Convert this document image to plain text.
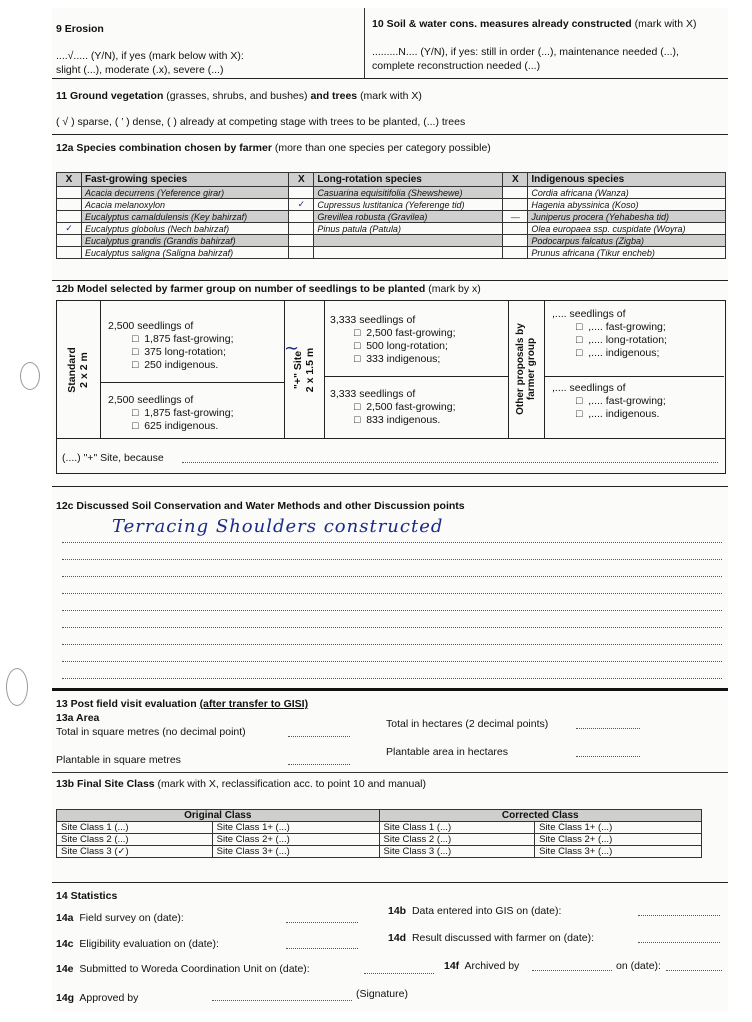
9 Erosion
....√..... (Y/N), if yes (mark below with X):
slight (...), moderate (.x), severe (...)
10 Soil & water cons. measures already constructed (mark with X)
.........N.... (Y/N), if yes: still in order (...), maintenance needed (...),
complete reconstruction needed (...)
11 Ground vegetation (grasses, shrubs, and bushes) and trees (mark with X)
( √ ) sparse, ( ’ ) dense, ( ) already at competing stage with trees to be planted, (...) trees
12a Species combination chosen by farmer (more than one species per category possible)
X	Fast-growing species	X	Long-rotation species	X	Indigenous species
	Acacia decurrens (Yeference girar)		Casuarina equisitifolia (Shewshewe)		Cordia africana (Wanza)
	Acacia melanoxylon	✓	Cupressus lustitanica (Yeferenge tid)		Hagenia abyssinica (Koso)
	Eucalyptus camaldulensis (Key bahirzaf)		Grevillea robusta (Gravilea)	—	Juniperus procera (Yehabesha tid)
✓	Eucalyptus globolus (Nech bahirzaf)		Pinus patula (Patula)		Olea europaea ssp. cuspidate (Woyra)
	Eucalyptus grandis (Grandis bahirzaf)				Podocarpus falcatus (Zigba)
	Eucalyptus saligna (Saligna bahirzaf)				Prunus africana (Tikur encheb)
12b Model selected by farmer group on number of seedlings to be planted (mark by x)
Standard 2 x 2 m	"+" Site 2 x 1.5 m	Other proposals by farmer group
2,500 seedlings of
□   1,875 fast-growing;
□   375 long-rotation;
□   250 indigenous.
2,500 seedlings of
□   1,875 fast-growing;
□   625 indigenous.
3,333 seedlings of
□   2,500 fast-growing;
□   500 long-rotation;
□   333 indigenous;
3,333 seedlings of
□   2,500 fast-growing;
□   833 indigenous.
,.... seedlings of
□   ,.... fast-growing;
□   ,.... long-rotation;
□   ,.... indigenous;
,.... seedlings of
□   ,.... fast-growing;
□   ,.... indigenous.
∼
(....) "+" Site, because
12c Discussed Soil Conservation and Water Methods and other Discussion points
Terracing Shoulders constructed
13 Post field visit evaluation (after transfer to GISI)
13a Area
Total in square metres (no decimal point)
Total in hectares (2 decimal points)
Plantable in square metres
Plantable area in hectares
13b Final Site Class (mark with X, reclassification acc. to point 10 and manual)
Original Class		Corrected Class	
Site Class 1 (...)	Site Class 1+ (...)	Site Class 1 (...)	Site Class 1+ (...)
Site Class 2 (...)	Site Class 2+ (...)	Site Class 2 (...)	Site Class 2+ (...)
Site Class 3 (✓)	Site Class 3+ (...)	Site Class 3 (...)	Site Class 3+ (...)
14 Statistics
14a Field survey on (date):
14b Data entered into GIS on (date):
14c Eligibility evaluation on (date):	14d Result discussed with farmer on (date):
14e Submitted to Woreda Coordination Unit on (date):	14f Archived by	on (date):
14g Approved by	(Signature)
